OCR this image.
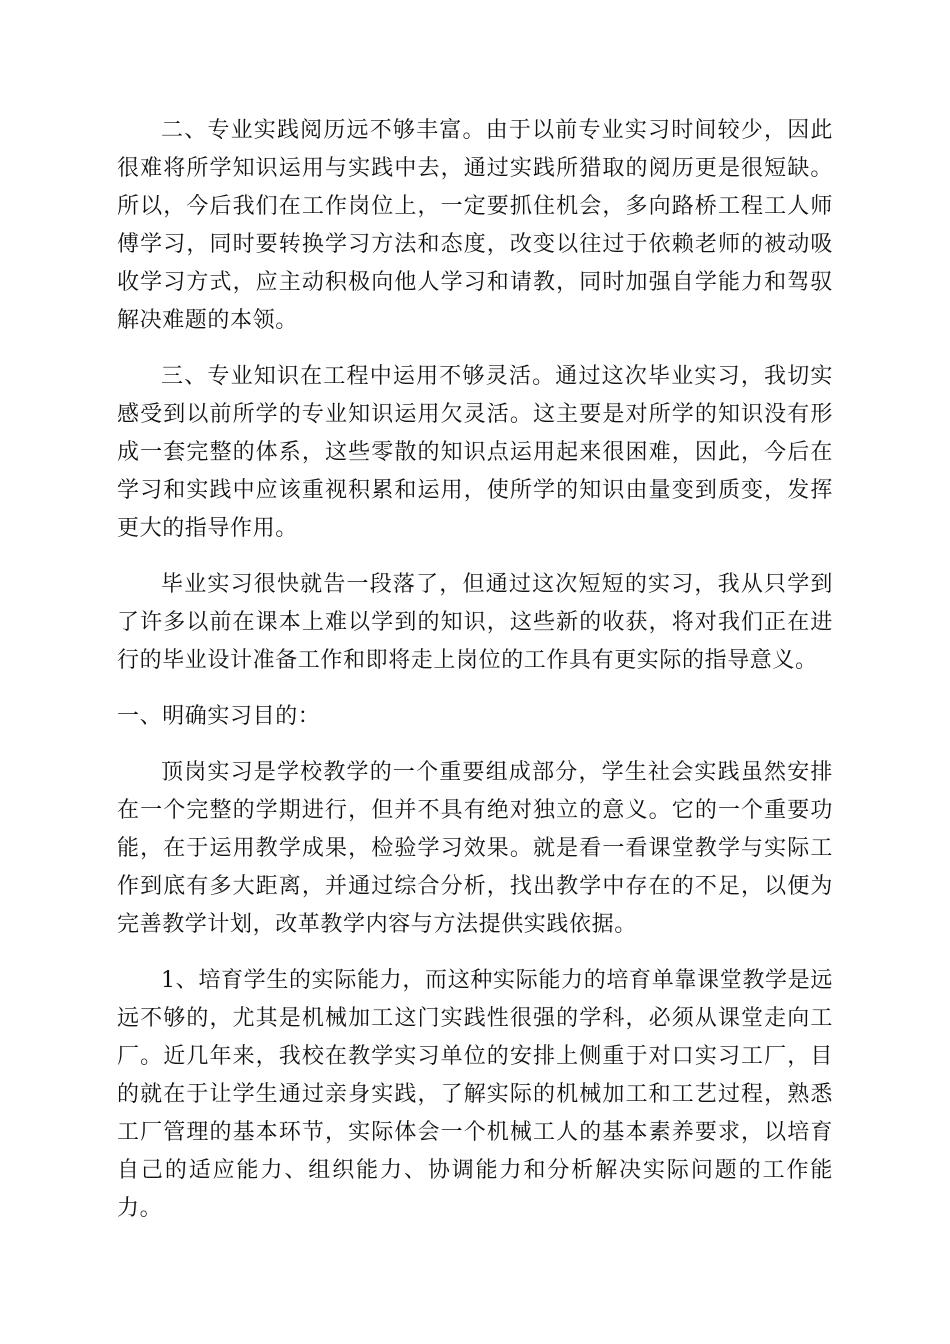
二、专业实践阅历远不够丰富。由于以前专业实习时间较少，因此很难将所学知识运用与实践中去，通过实践所猎取的阅历更是很短缺。所以，今后我们在工作岗位上，一定要抓住机会，多向路桥工程工人师傅学习，同时要转换学习方法和态度，改变以往过于依赖老师的被动吸收学习方式，应主动积极向他人学习和请教，同时加强自学能力和驾驭解决难题的本领。

三、专业知识在工程中运用不够灵活。通过这次毕业实习，我切实感受到以前所学的专业知识运用欠灵活。这主要是对所学的知识没有形成一套完整的体系，这些零散的知识点运用起来很困难，因此，今后在学习和实践中应该重视积累和运用，使所学的知识由量变到质变，发挥更大的指导作用。

毕业实习很快就告一段落了，但通过这次短短的实习，我从只学到了许多以前在课本上难以学到的知识，这些新的收获，将对我们正在进行的毕业设计准备工作和即将走上岗位的工作具有更实际的指导意义。

一、明确实习目的：

顶岗实习是学校教学的一个重要组成部分，学生社会实践虽然安排在一个完整的学期进行，但并不具有绝对独立的意义。它的一个重要功能，在于运用教学成果，检验学习效果。就是看一看课堂教学与实际工作到底有多大距离，并通过综合分析，找出教学中存在的不足，以便为完善教学计划，改革教学内容与方法提供实践依据。

1、培育学生的实际能力，而这种实际能力的培育单靠课堂教学是远远不够的，尤其是机械加工这门实践性很强的学科，必须从课堂走向工厂。近几年来，我校在教学实习单位的安排上侧重于对口实习工厂，目的就在于让学生通过亲身实践，了解实际的机械加工和工艺过程，熟悉工厂管理的基本环节，实际体会一个机械工人的基本素养要求，以培育自己的适应能力、组织能力、协调能力和分析解决实际问题的工作能力。
